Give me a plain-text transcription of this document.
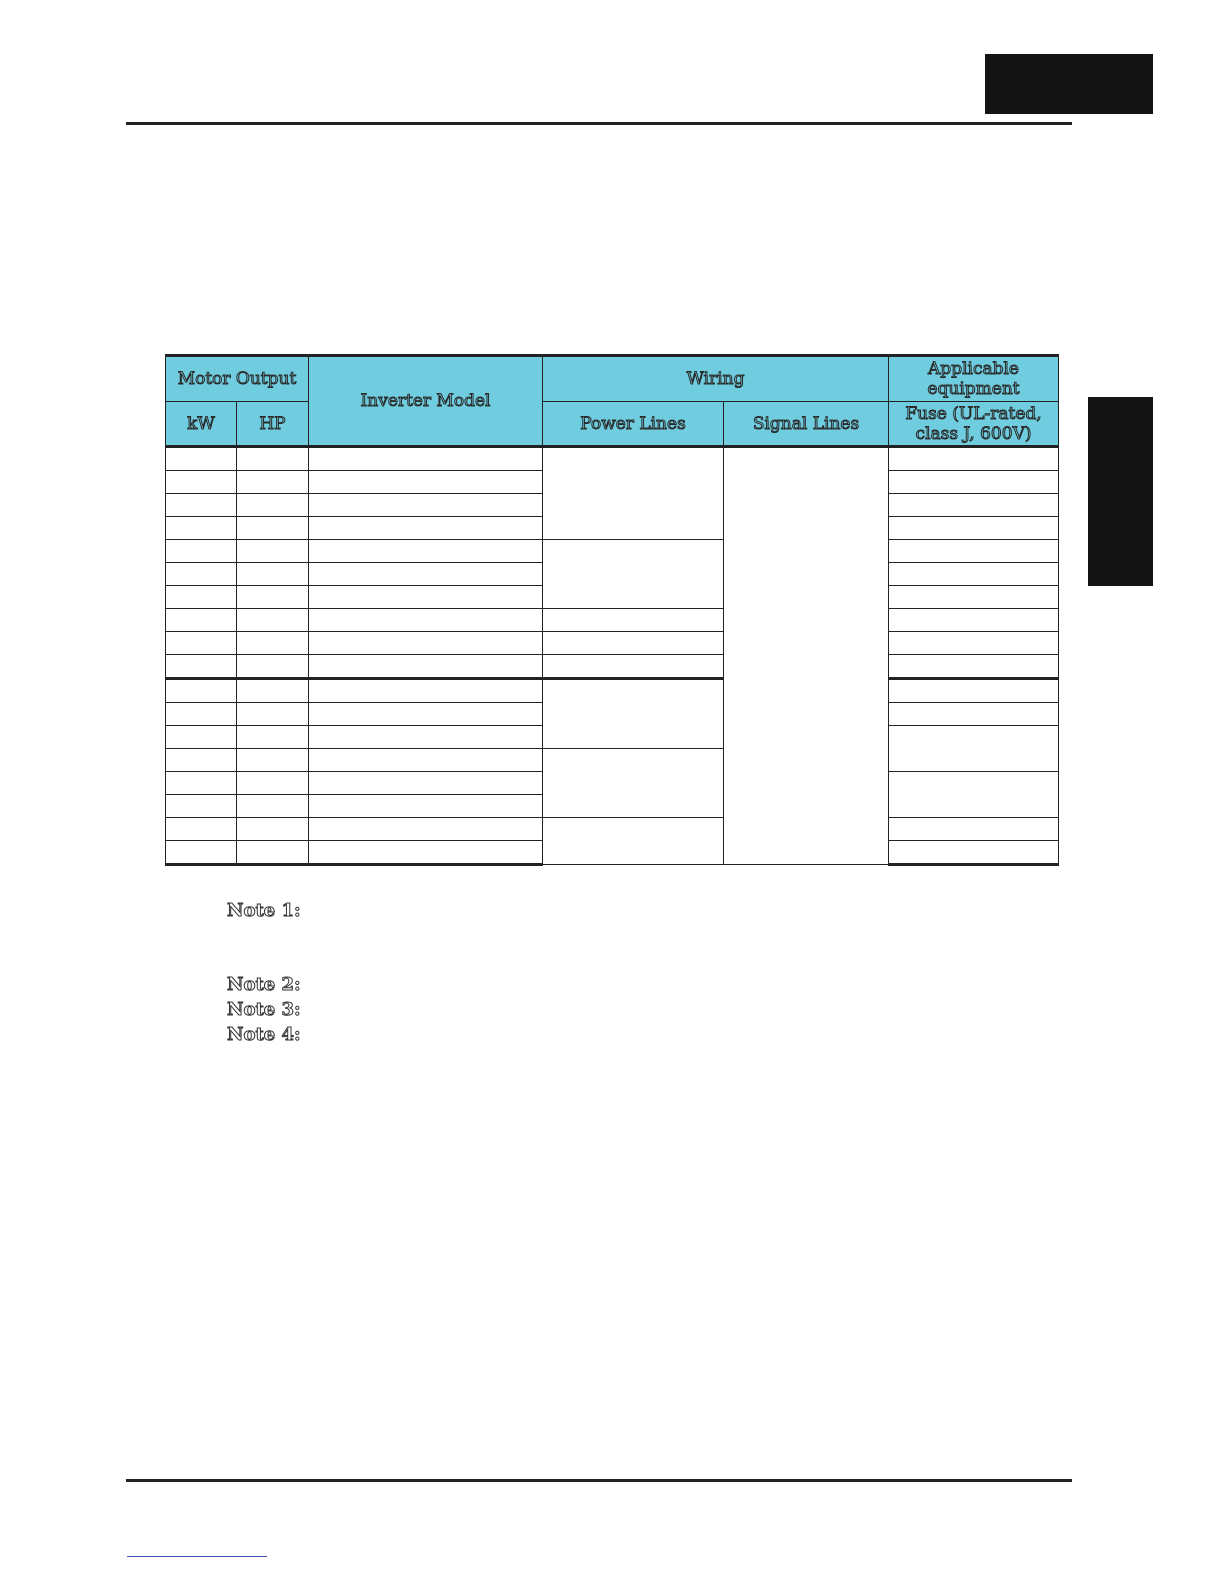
Motor Output		Inverter Model	Wiring		Applicable equipment
kW	HP		Power Lines	Signal Lines	Fuse (UL-rated, class J, 600V)

Note 1:
Note 2:
Note 3:
Note 4:
